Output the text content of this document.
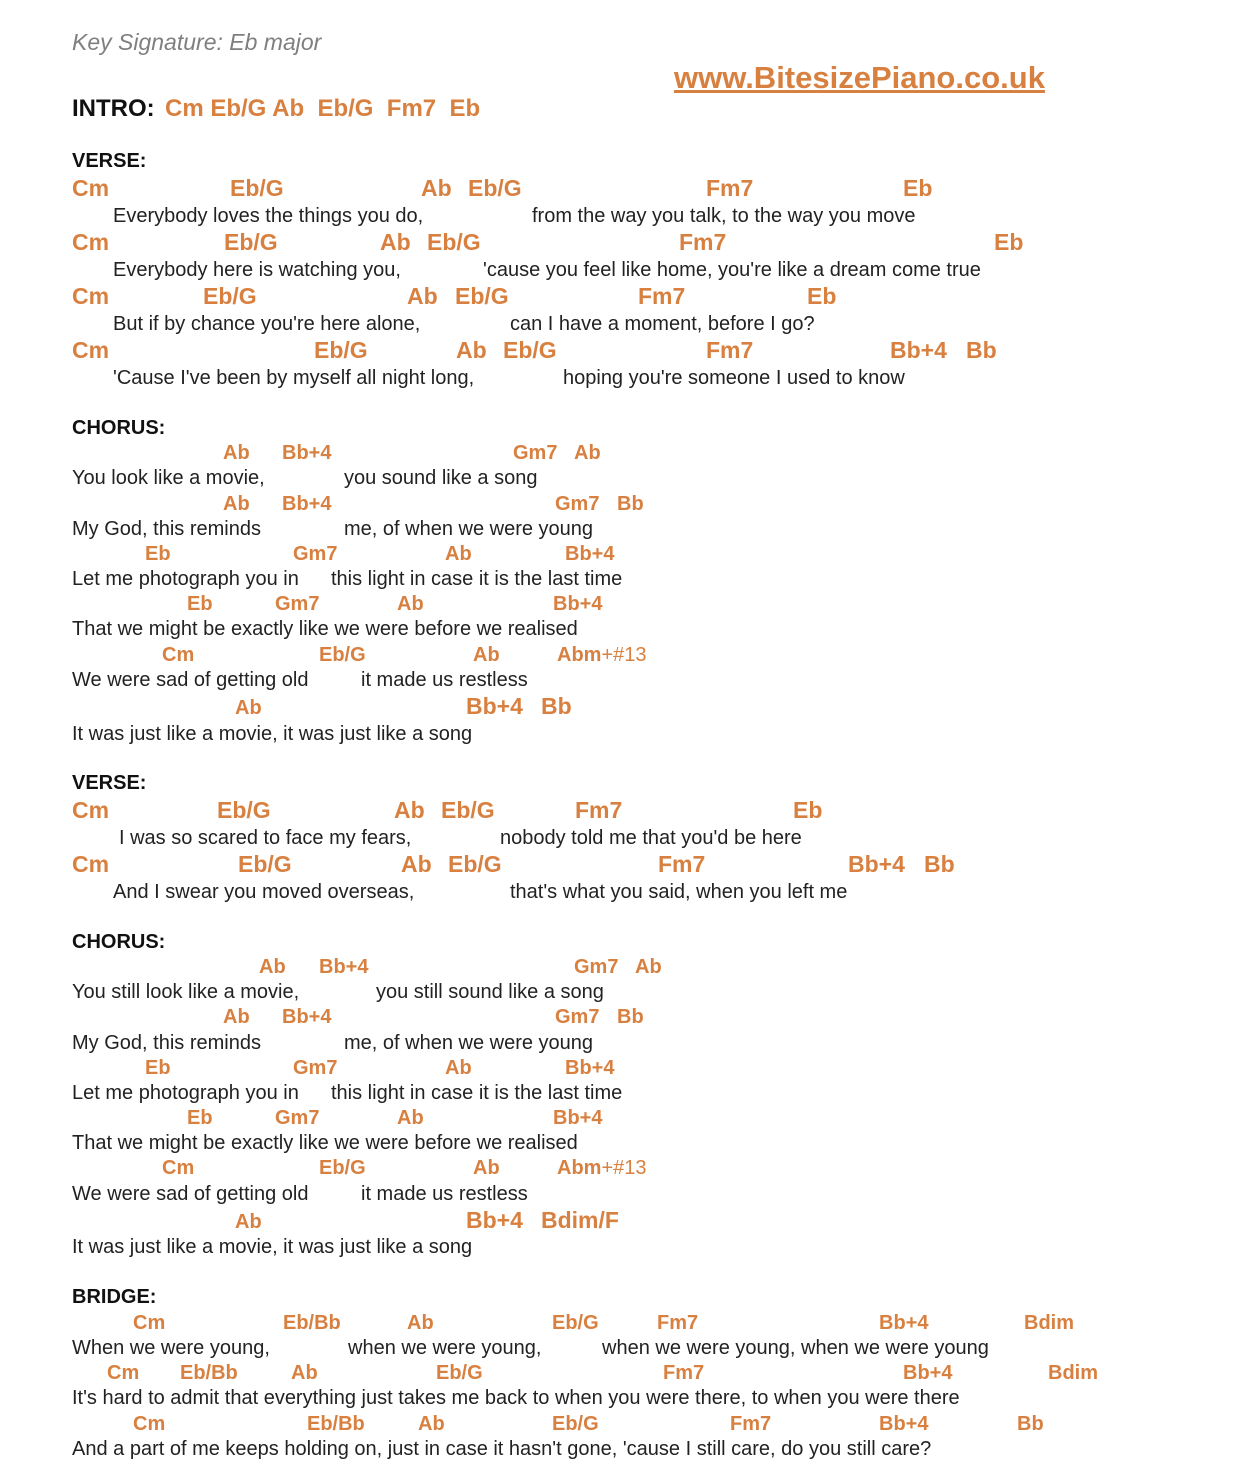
Key Signature: Eb major
www.BitesizePiano.co.uk
INTRO: Cm Eb/G Ab  Eb/G  Fm7  Eb
VERSE:
Cm	Eb/G	Ab Eb/G	Fm7	Eb
Everybody loves the things you do,	from the way you talk, to the way you move
Cm	Eb/G	Ab Eb/G	Fm7	Eb
Everybody here is watching you,	'cause you feel like home, you're like a dream come true
Cm	Eb/G	Ab Eb/G	Fm7	Eb
But if by chance you're here alone,	can I have a moment, before I go?
Cm	Eb/G	Ab Eb/G	Fm7	Bb+4 Bb
'Cause I've been by myself all night long,	hoping you're someone I used to know
CHORUS:
Ab Bb+4	Gm7 Ab
You look like a movie,	you sound like a song
Ab Bb+4	Gm7 Bb
My God, this reminds	me, of when we were young
Eb	Gm7	Ab	Bb+4
Let me photograph you in this light in case it is the last time
Eb	Gm7	Ab	Bb+4
That we might be exactly like we were before we realised
Cm	Eb/G	Ab	Abm+#13
We were sad of getting old	it made us restless
Ab	Bb+4 Bb
It was just like a movie, it was just like a song
VERSE:
Cm	Eb/G	Ab Eb/G	Fm7	Eb
I was so scared to face my fears,	nobody told me that you'd be here
Cm	Eb/G	Ab Eb/G	Fm7	Bb+4 Bb
And I swear you moved overseas,	that's what you said, when you left me
CHORUS:
Ab Bb+4	Gm7 Ab
You still look like a movie,	you still sound like a song
Ab Bb+4	Gm7 Bb
My God, this reminds	me, of when we were young
Eb	Gm7	Ab	Bb+4
Let me photograph you in this light in case it is the last time
Eb	Gm7	Ab	Bb+4
That we might be exactly like we were before we realised
Cm	Eb/G	Ab	Abm+#13
We were sad of getting old	it made us restless
Ab	Bb+4 Bdim/F
It was just like a movie, it was just like a song
BRIDGE:
Cm	Eb/Bb	Ab	Eb/G	Fm7	Bb+4	Bdim
When we were young,	when we were young,	when we were young, when we were young
Cm Eb/Bb	Ab	Eb/G	Fm7	Bb+4	Bdim
It's hard to admit that everything just takes me back to when you were there, to when you were there
Cm	Eb/Bb	Ab	Eb/G	Fm7	Bb+4	Bb
And a part of me keeps holding on, just in case it hasn't gone, 'cause I still care, do you still care?
